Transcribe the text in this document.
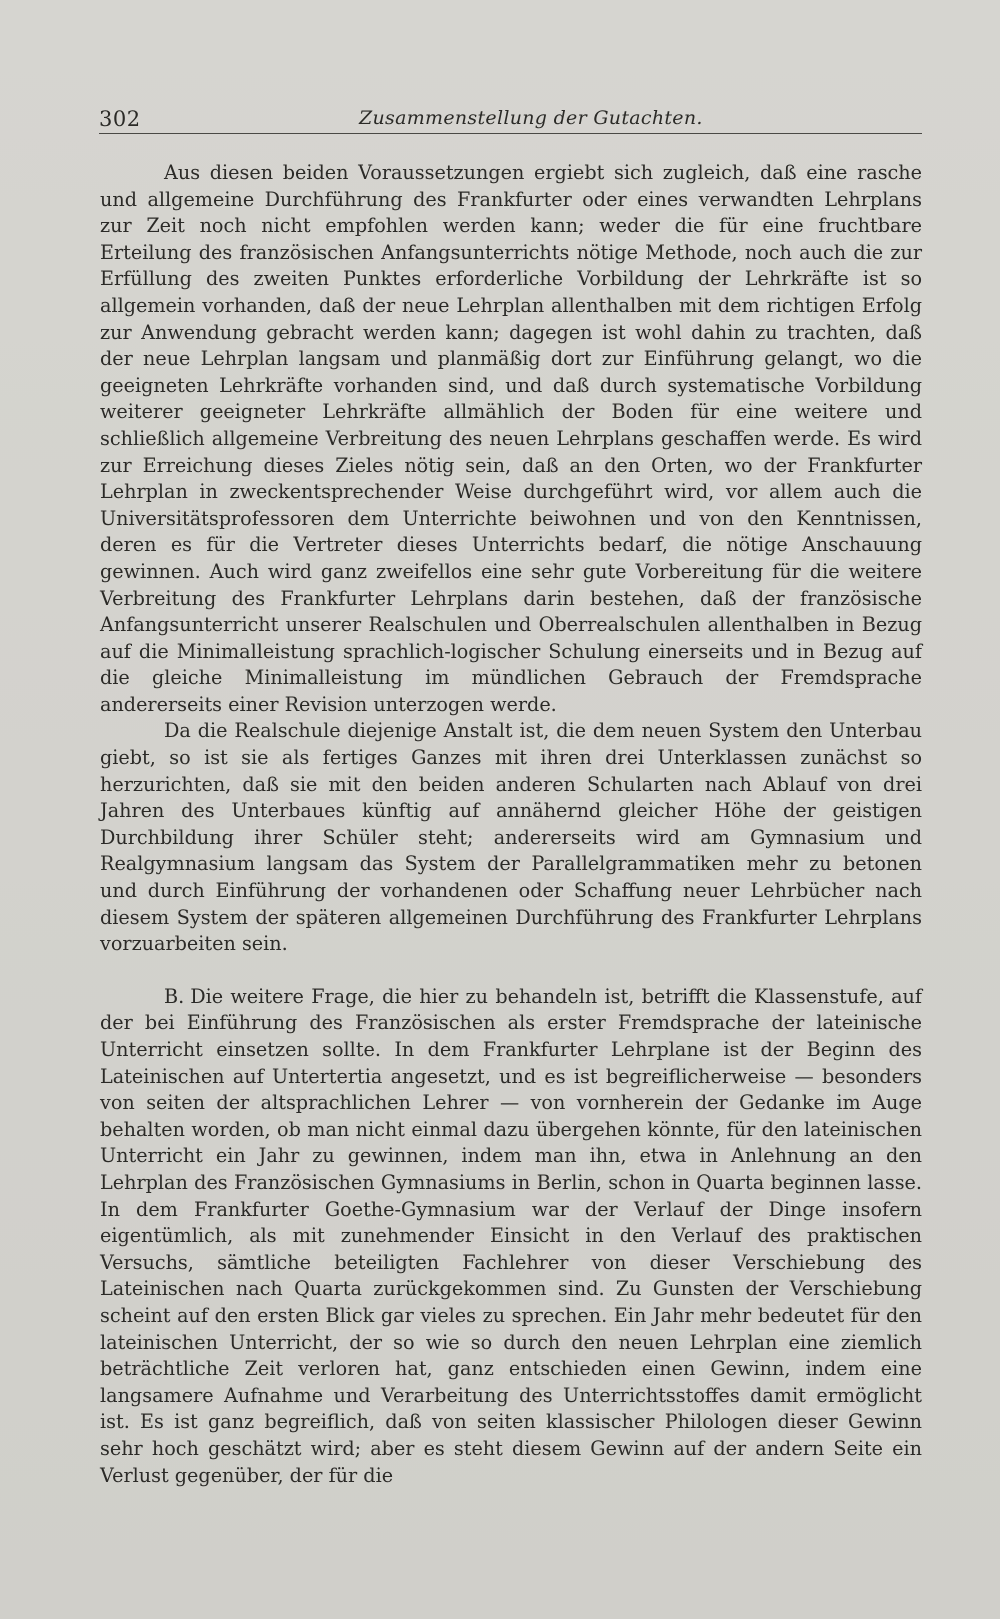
302	Zusammenstellung der Gutachten.

Aus diesen beiden Voraussetzungen ergiebt sich zugleich, daß eine rasche und allgemeine Durchführung des Frankfurter oder eines verwandten Lehrplans zur Zeit noch nicht empfohlen werden kann; weder die für eine fruchtbare Erteilung des französischen Anfangsunterrichts nötige Methode, noch auch die zur Erfüllung des zweiten Punktes erforderliche Vorbildung der Lehrkräfte ist so allgemein vorhanden, daß der neue Lehrplan allenthalben mit dem richtigen Erfolg zur Anwendung gebracht werden kann; dagegen ist wohl dahin zu trachten, daß der neue Lehrplan langsam und planmäßig dort zur Einführung gelangt, wo die geeigneten Lehrkräfte vorhanden sind, und daß durch systematische Vorbildung weiterer geeigneter Lehrkräfte allmählich der Boden für eine weitere und schließlich allgemeine Verbreitung des neuen Lehrplans geschaffen werde. Es wird zur Erreichung dieses Zieles nötig sein, daß an den Orten, wo der Frankfurter Lehrplan in zweckentsprechender Weise durchgeführt wird, vor allem auch die Universitätsprofessoren dem Unterrichte beiwohnen und von den Kenntnissen, deren es für die Vertreter dieses Unterrichts bedarf, die nötige Anschauung gewinnen. Auch wird ganz zweifellos eine sehr gute Vorbereitung für die weitere Verbreitung des Frankfurter Lehrplans darin bestehen, daß der französische Anfangsunterricht unserer Realschulen und Oberrealschulen allenthalben in Bezug auf die Minimalleistung sprachlich-logischer Schulung einerseits und in Bezug auf die gleiche Minimalleistung im mündlichen Gebrauch der Fremdsprache andererseits einer Revision unterzogen werde.

Da die Realschule diejenige Anstalt ist, die dem neuen System den Unterbau giebt, so ist sie als fertiges Ganzes mit ihren drei Unterklassen zunächst so herzurichten, daß sie mit den beiden anderen Schularten nach Ablauf von drei Jahren des Unterbaues künftig auf annähernd gleicher Höhe der geistigen Durchbildung ihrer Schüler steht; andererseits wird am Gymnasium und Realgymnasium langsam das System der Parallelgrammatiken mehr zu betonen und durch Einführung der vorhandenen oder Schaffung neuer Lehrbücher nach diesem System der späteren allgemeinen Durchführung des Frankfurter Lehrplans vorzuarbeiten sein.

B. Die weitere Frage, die hier zu behandeln ist, betrifft die Klassenstufe, auf der bei Einführung des Französischen als erster Fremdsprache der lateinische Unterricht einsetzen sollte. In dem Frankfurter Lehrplane ist der Beginn des Lateinischen auf Untertertia angesetzt, und es ist begreiflicherweise — besonders von seiten der altsprachlichen Lehrer — von vornherein der Gedanke im Auge behalten worden, ob man nicht einmal dazu übergehen könnte, für den lateinischen Unterricht ein Jahr zu gewinnen, indem man ihn, etwa in Anlehnung an den Lehrplan des Französischen Gymnasiums in Berlin, schon in Quarta beginnen lasse. In dem Frankfurter Goethe-Gymnasium war der Verlauf der Dinge insofern eigentümlich, als mit zunehmender Einsicht in den Verlauf des praktischen Versuchs, sämtliche beteiligten Fachlehrer von dieser Verschiebung des Lateinischen nach Quarta zurückgekommen sind. Zu Gunsten der Verschiebung scheint auf den ersten Blick gar vieles zu sprechen. Ein Jahr mehr bedeutet für den lateinischen Unterricht, der so wie so durch den neuen Lehrplan eine ziemlich beträchtliche Zeit verloren hat, ganz entschieden einen Gewinn, indem eine langsamere Aufnahme und Verarbeitung des Unterrichtsstoffes damit ermöglicht ist. Es ist ganz begreiflich, daß von seiten klassischer Philologen dieser Gewinn sehr hoch geschätzt wird; aber es steht diesem Gewinn auf der andern Seite ein Verlust gegenüber, der für die
